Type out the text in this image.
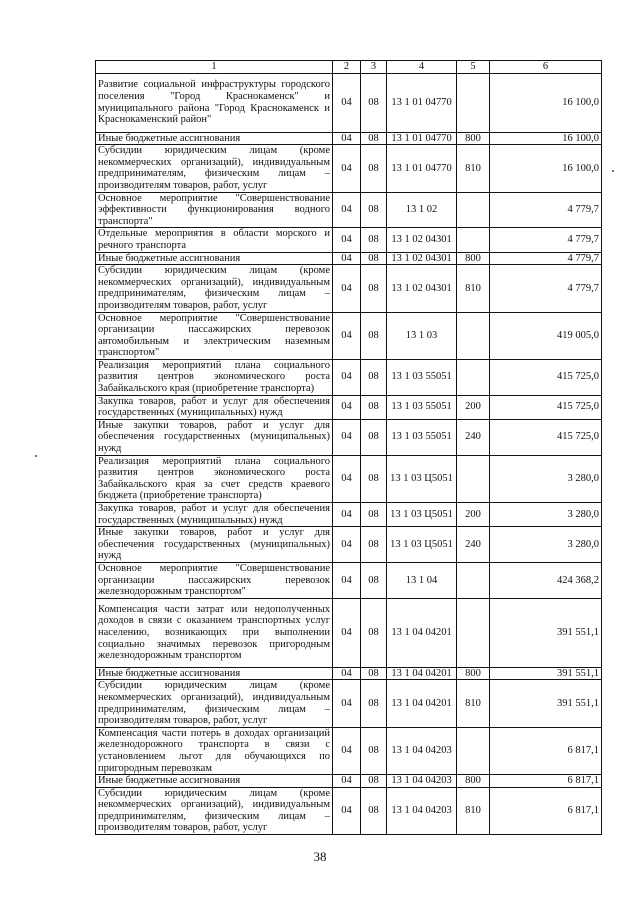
1	2	3	4	5	6
Развитие социальной инфраструктуры городского поселения "Город Краснокаменск" и муниципального района "Город Краснокаменск и Краснокаменский район"	04	08	13 1 01 04770		16 100,0
Иные бюджетные ассигнования	04	08	13 1 01 04770	800	16 100,0
Субсидии юридическим лицам (кроме некоммерческих организаций), индивидуальным предпринимателям, физическим лицам – производителям товаров, работ, услуг	04	08	13 1 01 04770	810	16 100,0
Основное мероприятие "Совершенствование эффективности функционирования водного транспорта"	04	08	13 1 02		4 779,7
Отдельные мероприятия в области морского и речного транспорта	04	08	13 1 02 04301		4 779,7
Иные бюджетные ассигнования	04	08	13 1 02 04301	800	4 779,7
Субсидии юридическим лицам (кроме некоммерческих организаций), индивидуальным предпринимателям, физическим лицам – производителям товаров, работ, услуг	04	08	13 1 02 04301	810	4 779,7
Основное мероприятие "Совершенствование организации пассажирских перевозок автомобильным и электрическим наземным транспортом"	04	08	13 1 03		419 005,0
Реализация мероприятий плана социального развития центров экономического роста Забайкальского края (приобретение транспорта)	04	08	13 1 03 55051		415 725,0
Закупка товаров, работ и услуг для обеспечения государственных (муниципальных) нужд	04	08	13 1 03 55051	200	415 725,0
Иные закупки товаров, работ и услуг для обеспечения государственных (муниципальных) нужд	04	08	13 1 03 55051	240	415 725,0
Реализация мероприятий плана социального развития центров экономического роста Забайкальского края за счет средств краевого бюджета (приобретение транспорта)	04	08	13 1 03 Ц5051		3 280,0
Закупка товаров, работ и услуг для обеспечения государственных (муниципальных) нужд	04	08	13 1 03 Ц5051	200	3 280,0
Иные закупки товаров, работ и услуг для обеспечения государственных (муниципальных) нужд	04	08	13 1 03 Ц5051	240	3 280,0
Основное мероприятие "Совершенствование организации пассажирских перевозок железнодорожным транспортом"	04	08	13 1 04		424 368,2
Компенсация части затрат или недополученных доходов в связи с оказанием транспортных услуг населению, возникающих при выполнении социально значимых перевозок пригородным железнодорожным транспортом	04	08	13 1 04 04201		391 551,1
Иные бюджетные ассигнования	04	08	13 1 04 04201	800	391 551,1
Субсидии юридическим лицам (кроме некоммерческих организаций), индивидуальным предпринимателям, физическим лицам – производителям товаров, работ, услуг	04	08	13 1 04 04201	810	391 551,1
Компенсация части потерь в доходах организаций железнодорожного транспорта в связи с установлением льгот для обучающихся по пригородным перевозкам	04	08	13 1 04 04203		6 817,1
Иные бюджетные ассигнования	04	08	13 1 04 04203	800	6 817,1
Субсидии юридическим лицам (кроме некоммерческих организаций), индивидуальным предпринимателям, физическим лицам – производителям товаров, работ, услуг	04	08	13 1 04 04203	810	6 817,1
38
